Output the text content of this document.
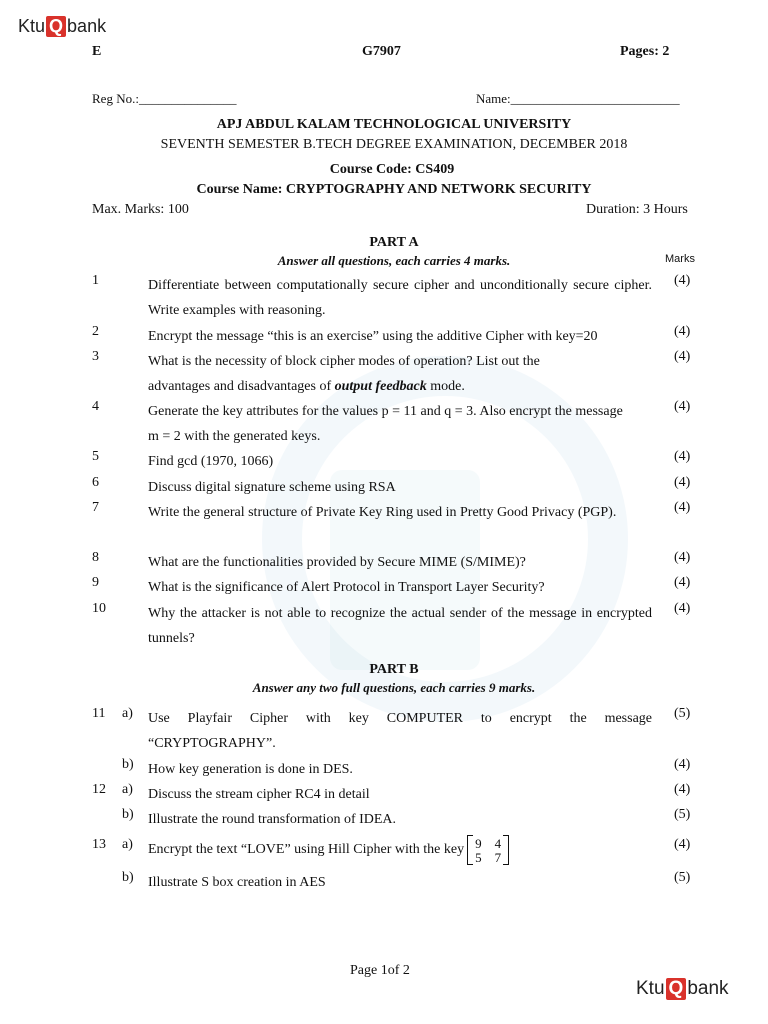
Ktu Q bank
Ktu Q bank
E	G7907	Pages: 2
Reg No.:_______________	Name:__________________________
APJ ABDUL KALAM TECHNOLOGICAL UNIVERSITY
SEVENTH SEMESTER B.TECH DEGREE EXAMINATION, DECEMBER 2018
Course Code: CS409
Course Name: CRYPTOGRAPHY AND NETWORK SECURITY
Max. Marks: 100	Duration: 3 Hours
PART A
Answer all questions, each carries 4 marks.	Marks
1	Differentiate between computationally secure cipher and unconditionally secure cipher. Write examples with reasoning.
(4)
2	Encrypt the message “this is an exercise” using the additive Cipher with key=20	(4)
3	What is the necessity of block cipher modes of operation? List out the advantages and disadvantages of output feedback mode.
(4)
4	Generate the key attributes for the values p = 11 and q = 3. Also encrypt the message m = 2 with the generated keys.
(4)
5	Find gcd (1970, 1066)	(4)
6	Discuss digital signature scheme using RSA	(4)
7	Write the general structure of Private Key Ring used in Pretty Good Privacy (PGP).	(4)
8	What are the functionalities provided by Secure MIME (S/MIME)?	(4)
9	What is the significance of Alert Protocol in Transport Layer Security?	(4)
10	Why the attacker is not able to recognize the actual sender of the message in encrypted tunnels?
(4)
PART B
Answer any two full questions, each carries 9 marks.
11 a) Use Playfair Cipher with key COMPUTER to encrypt the message “CRYPTOGRAPHY”.
(5)
b) How key generation is done in DES.	(4)
12 a) Discuss the stream cipher RC4 in detail	(4)
b) Illustrate the round transformation of IDEA.	(5)
13 a) Encrypt the text “LOVE” using Hill Cipher with the key 9 4
5 7
(4)
b) Illustrate S box creation in AES	(5)
Page 1of 2
